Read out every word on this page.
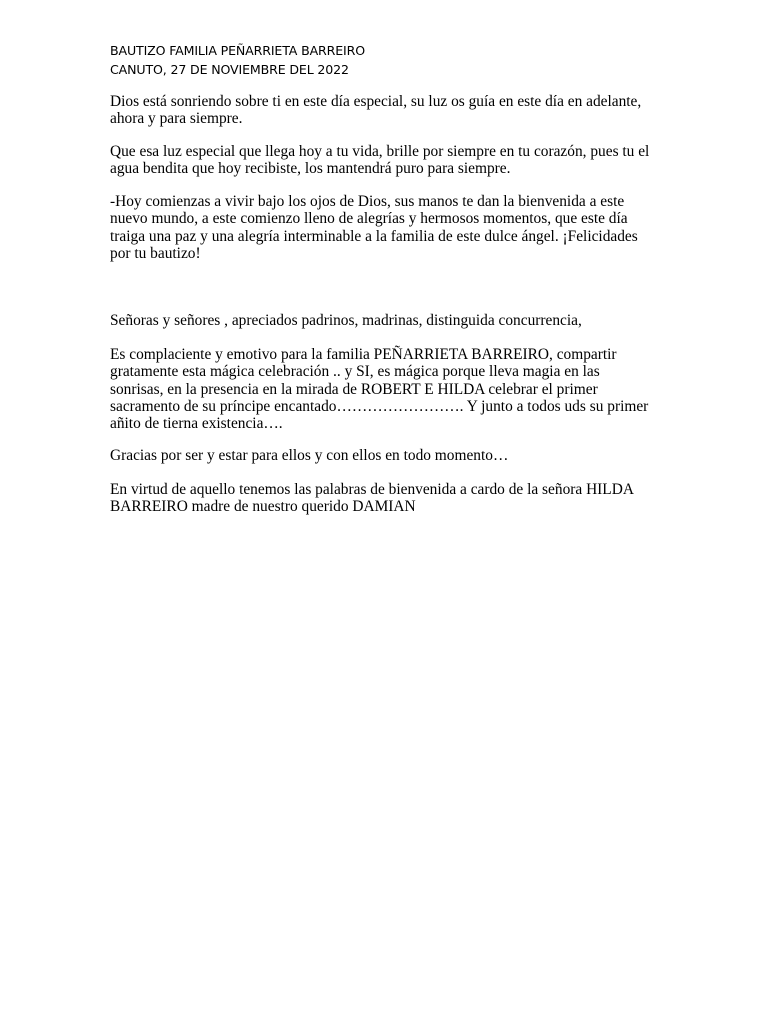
BAUTIZO FAMILIA PEÑARRIETA BARREIRO
CANUTO, 27 DE NOVIEMBRE DEL 2022

Dios está sonriendo sobre ti en este día especial, su luz os guía en este día en adelante,
ahora y para siempre.

Que esa luz especial que llega hoy a tu vida, brille por siempre en tu corazón, pues tu el
agua bendita que hoy recibiste, los mantendrá puro para siempre.

-Hoy comienzas a vivir bajo los ojos de Dios, sus manos te dan la bienvenida a este
nuevo mundo, a este comienzo lleno de alegrías y hermosos momentos, que este día
traiga una paz y una alegría interminable a la familia de este dulce ángel. ¡Felicidades
por tu bautizo!

Señoras y señores , apreciados padrinos, madrinas, distinguida concurrencia,

Es complaciente y emotivo para la familia PEÑARRIETA BARREIRO, compartir
gratamente esta mágica celebración .. y SI, es mágica porque lleva magia en las
sonrisas, en la presencia en la mirada de ROBERT E HILDA celebrar el primer
sacramento de su príncipe encantado……………………. Y junto a todos uds su primer
añito de tierna existencia….

Gracias por ser y estar para ellos y con ellos en todo momento…

En virtud de aquello tenemos las palabras de bienvenida a cardo de la señora HILDA
BARREIRO madre de nuestro querido DAMIAN
